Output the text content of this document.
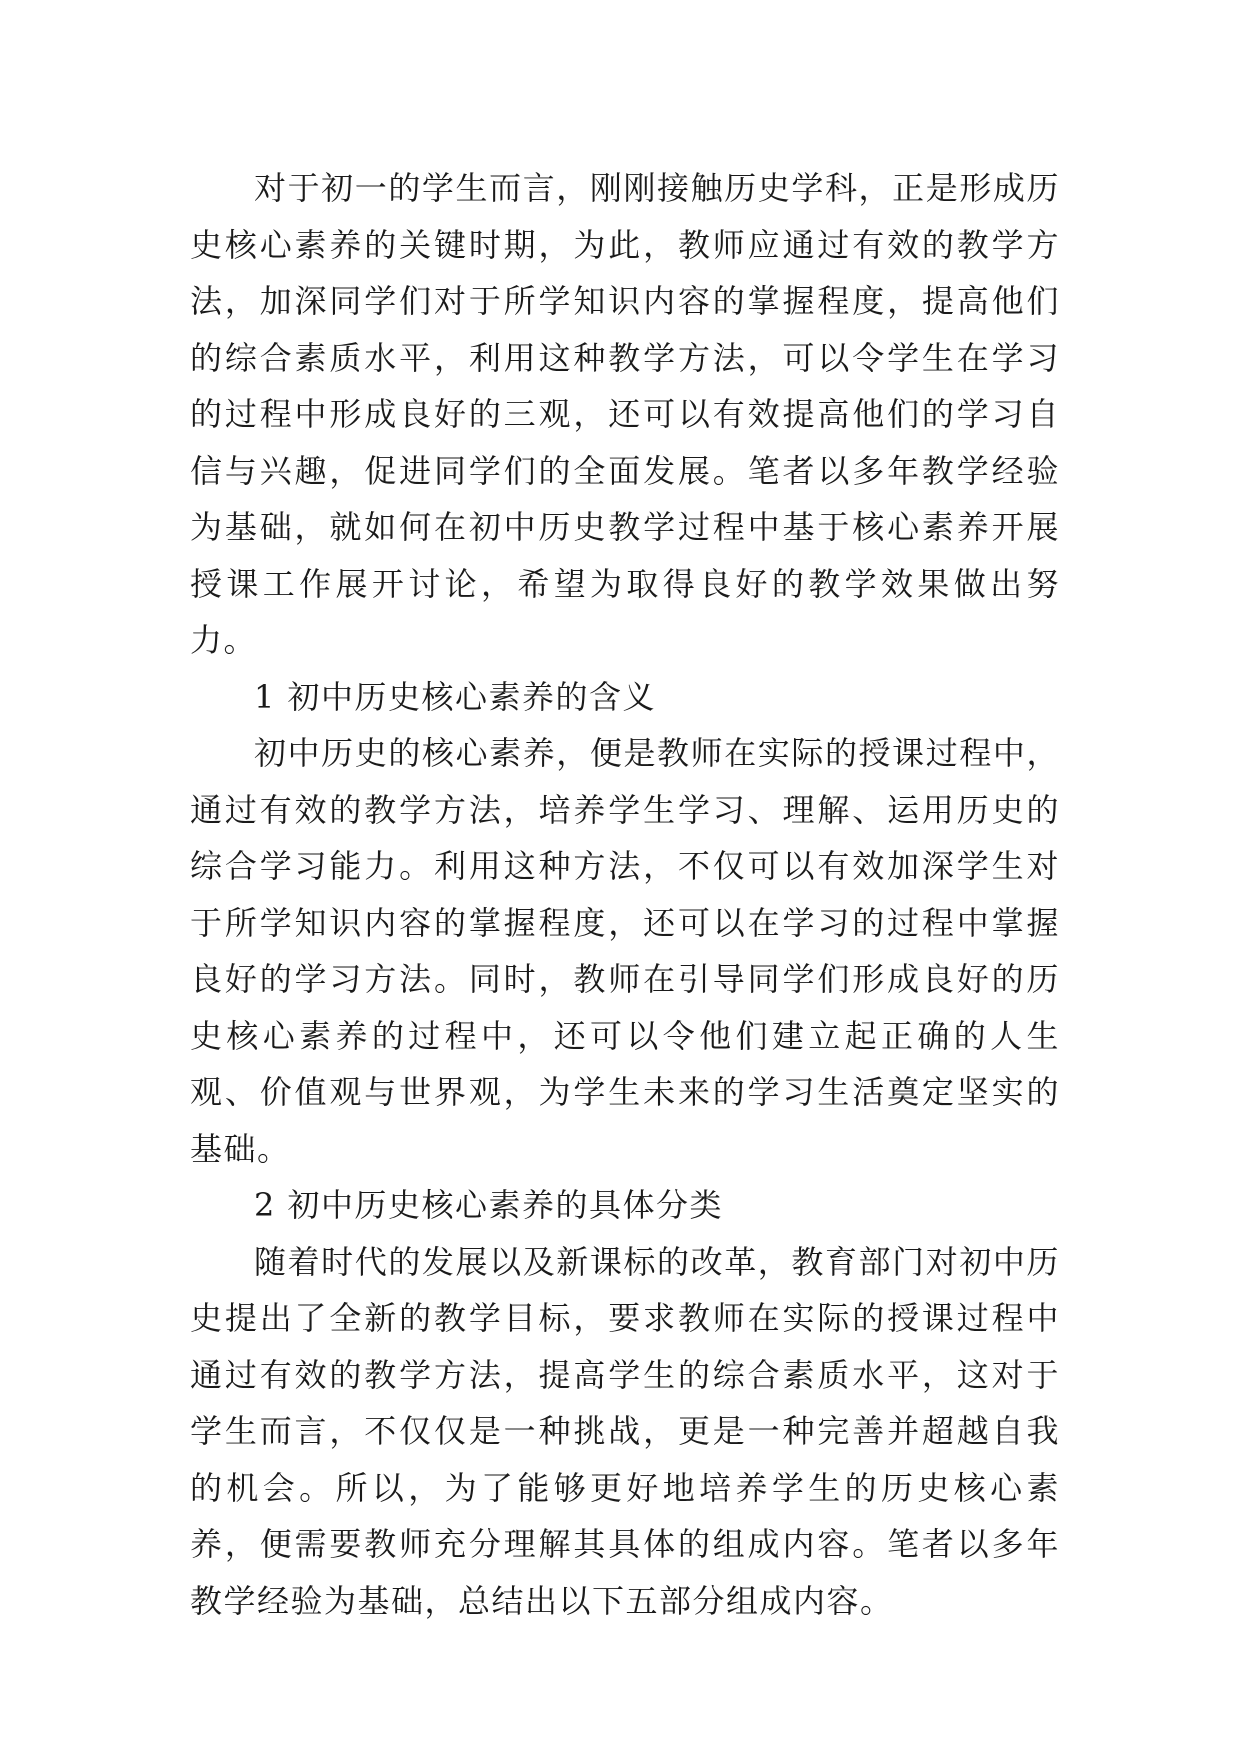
对于初一的学生而言，刚刚接触历史学科，正是形成历史核心素养的关键时期，为此，教师应通过有效的教学方法，加深同学们对于所学知识内容的掌握程度，提高他们的综合素质水平，利用这种教学方法，可以令学生在学习的过程中形成良好的三观，还可以有效提高他们的学习自信与兴趣，促进同学们的全面发展。笔者以多年教学经验为基础，就如何在初中历史教学过程中基于核心素养开展授课工作展开讨论，希望为取得良好的教学效果做出努力。

1 初中历史核心素养的含义

初中历史的核心素养，便是教师在实际的授课过程中，通过有效的教学方法，培养学生学习、理解、运用历史的综合学习能力。利用这种方法，不仅可以有效加深学生对于所学知识内容的掌握程度，还可以在学习的过程中掌握良好的学习方法。同时，教师在引导同学们形成良好的历史核心素养的过程中，还可以令他们建立起正确的人生观、价值观与世界观，为学生未来的学习生活奠定坚实的基础。

2 初中历史核心素养的具体分类

随着时代的发展以及新课标的改革，教育部门对初中历史提出了全新的教学目标，要求教师在实际的授课过程中通过有效的教学方法，提高学生的综合素质水平，这对于学生而言，不仅仅是一种挑战，更是一种完善并超越自我的机会。所以，为了能够更好地培养学生的历史核心素养，便需要教师充分理解其具体的组成内容。笔者以多年教学经验为基础，总结出以下五部分组成内容。
